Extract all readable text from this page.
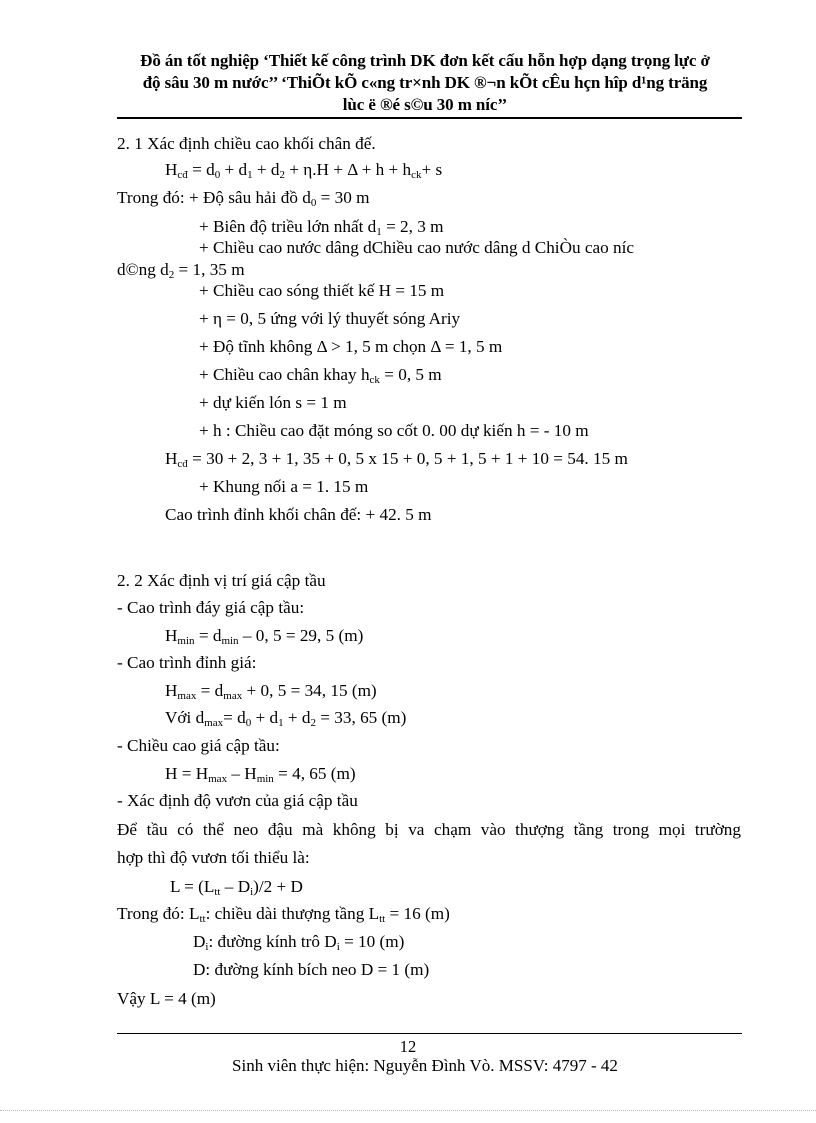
Đồ án tốt nghiệp ‘Thiết kế công trình DK đơn kết cấu hỗn hợp dạng trọng lực ở
độ sâu 30 m nước’’ ‘ThiÕt kÕ c«ng tr×nh DK ®¬n kÕt cÊu hçn hîp d¹ng träng
lùc ë ®é s©u 30 m níc’’
2. 1 Xác định chiều cao khối chân đế.
$H_{cđ} = d_0 + d_1 + d_2 + \eta.H + \Delta + h + h_{ck}+ s$
Trong đó: + Độ sâu hải đồ $d_0 = 30$ m
+ Biên độ triều lớn nhất $d_1 = 2$, 3 m
+ Chiều cao nước dâng dChiều cao nước dâng d ChiÒu cao níc
d©ng $d_2 = 1$, 35 m
+ Chiều cao sóng thiết kế H = 15 m
+ η = 0, 5 ứng với lý thuyết sóng Ariy
+ Độ tĩnh không Δ > 1, 5 m chọn Δ = 1, 5 m
+ Chiều cao chân khay $h_{ck} = 0$, 5 m
+ dự kiến lón s = 1 m
+ h : Chiều cao đặt móng so cốt 0. 00 dự kiến h = - 10 m
$H_{cđ} = 30 + 2$, 3 + 1, 35 + 0, 5 x 15 + 0, 5 + 1, 5 + 1 + 10 = 54. 15 m
+ Khung nối a = 1. 15 m
Cao trình đỉnh khối chân đế: + 42. 5 m
2. 2 Xác định vị trí giá cập tầu
- Cao trình đáy giá cập tầu:
$H_{min} = d_{min} - 0$, 5 = 29, 5 (m)
- Cao trình đỉnh giá:
$H_{max} = d_{max} + 0$, 5 = 34, 15 (m)
Với $d_{max}= d_0 + d_1 + d_2 = 33$, 65 (m)
- Chiều cao giá cập tầu:
$H = H_{max} - H_{min} = 4$, 65 (m)
- Xác định độ vươn của giá cập tầu
Để tầu có thể neo đậu mà không bị va chạm vào thượng tầng trong mọi trường
hợp thì độ vươn tối thiểu là:
$L = (L_{tt} - D_i)/2 + D$
Trong đó: $L_{tt}$: chiều dài thượng tầng $L_{tt} = 16$ (m)
$D_i$: đường kính trô $D_i = 10$ (m)
D: đường kính bích neo D = 1 (m)
Vậy L = 4 (m)
12
Sinh viên thực hiện: Nguyễn Đình Vò. MSSV: 4797 - 42
